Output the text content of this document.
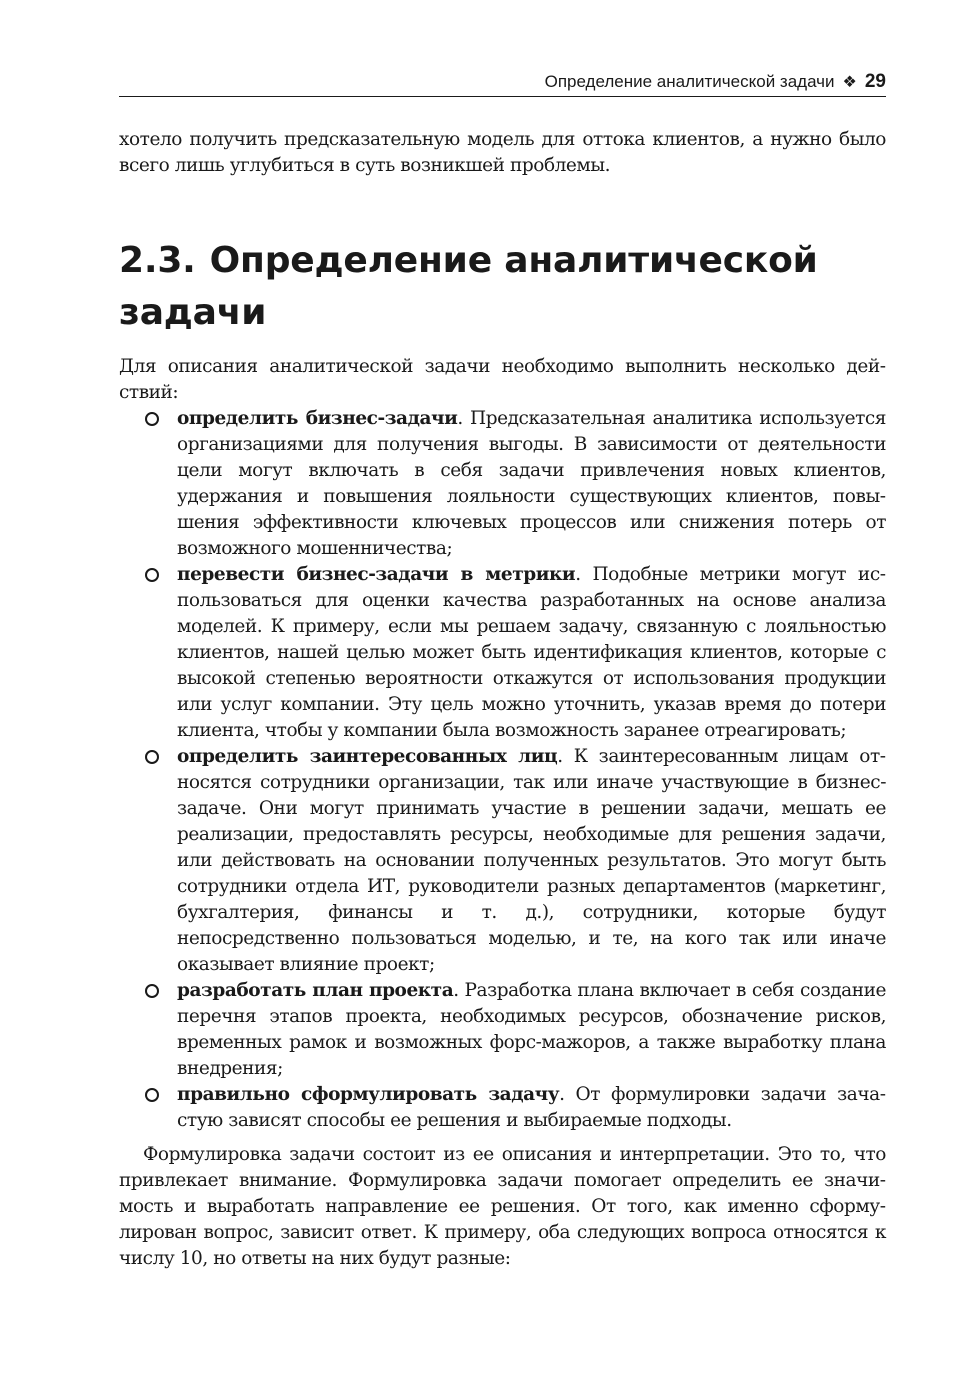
Определение аналитической задачи ❖ 29

хотело получить предсказательную модель для оттока клиентов, а нужно было всего лишь углубиться в суть возникшей проблемы.

2.3. Определение аналитической задачи

Для описания аналитической задачи необходимо выполнить несколько действий:

определить бизнес-задачи. Предсказательная аналитика используется организациями для получения выгоды. В зависимости от деятельности цели могут включать в себя задачи привлечения новых клиентов, удержания и повышения лояльности существующих клиентов, повышения эффективности ключевых процессов или снижения потерь от возможного мошенничества;
перевести бизнес-задачи в метрики. Подобные метрики могут использоваться для оценки качества разработанных на основе анализа моделей. К примеру, если мы решаем задачу, связанную с лояльностью клиентов, нашей целью может быть идентификация клиентов, которые с высокой степенью вероятности откажутся от использования продукции или услуг компании. Эту цель можно уточнить, указав время до потери клиента, чтобы у компании была возможность заранее отреагировать;
определить заинтересованных лиц. К заинтересованным лицам относятся сотрудники организации, так или иначе участвующие в бизнес-задаче. Они могут принимать участие в решении задачи, мешать ее реализации, предоставлять ресурсы, необходимые для решения задачи, или действовать на основании полученных результатов. Это могут быть сотрудники отдела ИТ, руководители разных департаментов (маркетинг, бухгалтерия, финансы и т. д.), сотрудники, которые будут непосредственно пользоваться моделью, и те, на кого так или иначе оказывает влияние проект;
разработать план проекта. Разработка плана включает в себя создание перечня этапов проекта, необходимых ресурсов, обозначение рисков, временных рамок и возможных форс-мажоров, а также выработку плана внедрения;
правильно сформулировать задачу. От формулировки задачи зачастую зависят способы ее решения и выбираемые подходы.

Формулировка задачи состоит из ее описания и интерпретации. Это то, что привлекает внимание. Формулировка задачи помогает определить ее значимость и выработать направление ее решения. От того, как именно сформулирован вопрос, зависит ответ. К примеру, оба следующих вопроса относятся к числу 10, но ответы на них будут разные:
